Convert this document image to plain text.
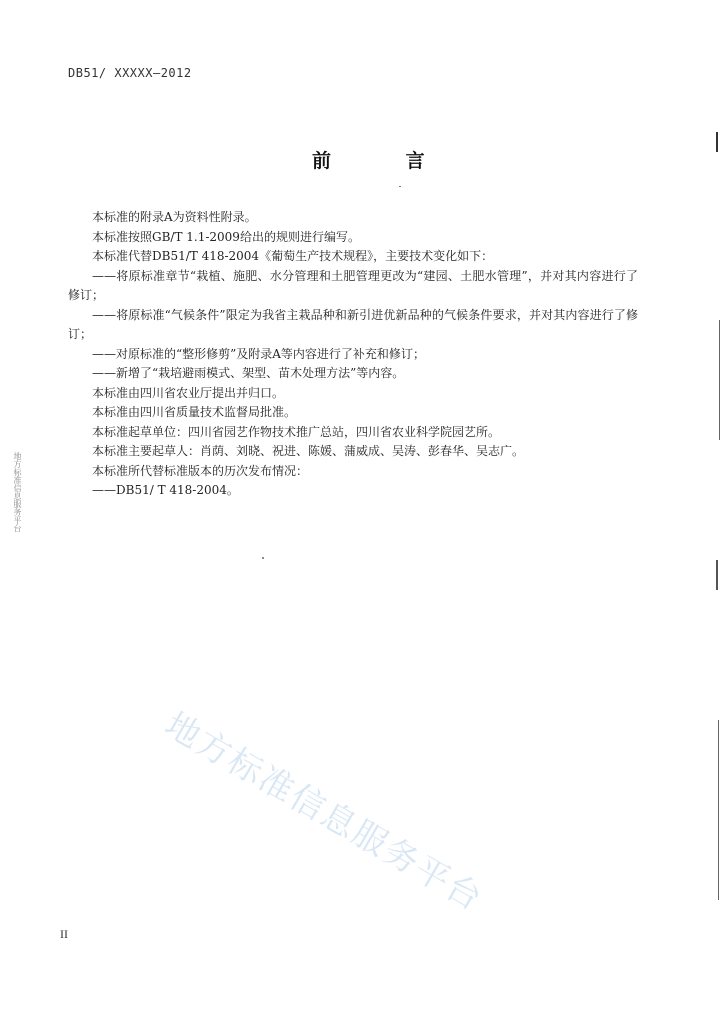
DB51/ XXXXX—2012
前 言

本标准的附录A为资料性附录。

本标准按照GB/T 1.1-2009给出的规则进行编写。

本标准代替DB51/T 418-2004《葡萄生产技术规程》，主要技术变化如下：

——将原标准章节“栽植、施肥、水分管理和土肥管理更改为“建园、土肥水管理”，并对其内容进行了修订；

——将原标准“气候条件”限定为我省主栽品种和新引进优新品种的气候条件要求，并对其内容进行了修订；

——对原标准的“整形修剪”及附录A等内容进行了补充和修订；

——新增了“栽培避雨模式、架型、苗木处理方法”等内容。

本标准由四川省农业厅提出并归口。

本标准由四川省质量技术监督局批准。

本标准起草单位：四川省园艺作物技术推广总站，四川省农业科学院园艺所。

本标准主要起草人：肖荫、刘晓、祝进、陈媛、蒲威成、吴涛、彭春华、吴志广。

本标准所代替标准版本的历次发布情况：

——DB51/ T 418-2004。

地方标准信息服务平台
地方标准信息服务平台
II
